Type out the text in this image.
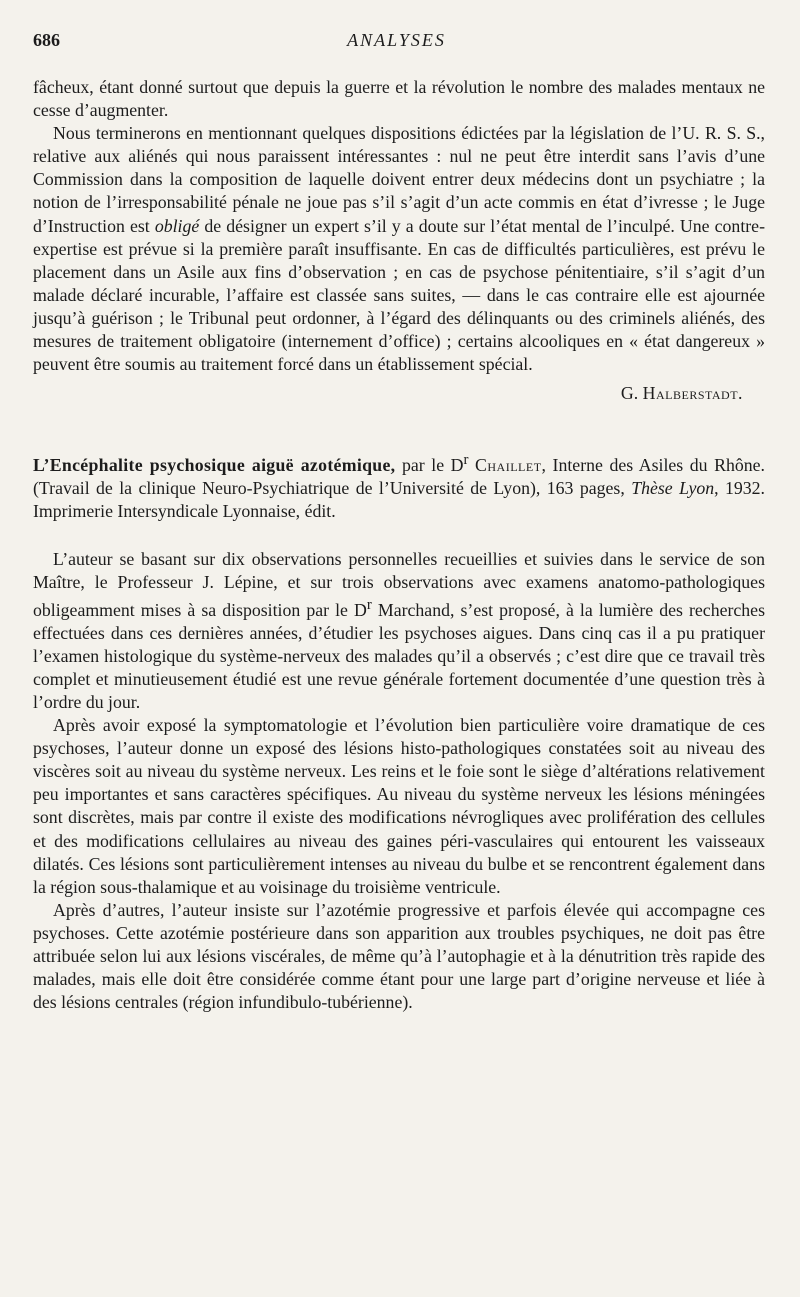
686	ANALYSES

fâcheux, étant donné surtout que depuis la guerre et la révolution le nombre des malades mentaux ne cesse d’augmenter.

Nous terminerons en mentionnant quelques dispositions édictées par la législation de l’U. R. S. S., relative aux aliénés qui nous paraissent intéressantes : nul ne peut être interdit sans l’avis d’une Commission dans la composition de laquelle doivent entrer deux médecins dont un psychiatre ; la notion de l’irresponsabilité pénale ne joue pas s’il s’agit d’un acte commis en état d’ivresse ; le Juge d’Instruction est obligé de désigner un expert s’il y a doute sur l’état mental de l’inculpé. Une contre-expertise est prévue si la première paraît insuffisante. En cas de difficultés particulières, est prévu le placement dans un Asile aux fins d’observation ; en cas de psychose pénitentiaire, s’il s’agit d’un malade déclaré incurable, l’affaire est classée sans suites, — dans le cas contraire elle est ajournée jusqu’à guérison ; le Tribunal peut ordonner, à l’égard des délinquants ou des criminels aliénés, des mesures de traitement obligatoire (internement d’office) ; certains alcooliques en « état dangereux » peuvent être soumis au traitement forcé dans un établissement spécial.

G. Halberstadt.

L’Encéphalite psychosique aiguë azotémique, par le $D^r$ Chaillet, Interne des Asiles du Rhône. (Travail de la clinique Neuro-Psychiatrique de l’Université de Lyon), 163 pages, Thèse Lyon, 1932. Imprimerie Intersyndicale Lyonnaise, édit.

L’auteur se basant sur dix observations personnelles recueillies et suivies dans le service de son Maître, le Professeur J. Lépine, et sur trois observations avec examens anatomo-pathologiques obligeamment mises à sa disposition par le $D^r$ Marchand, s’est proposé, à la lumière des recherches effectuées dans ces dernières années, d’étudier les psychoses aigues. Dans cinq cas il a pu pratiquer l’examen histologique du système-nerveux des malades qu’il a observés ; c’est dire que ce travail très complet et minutieusement étudié est une revue générale fortement documentée d’une question très à l’ordre du jour.

Après avoir exposé la symptomatologie et l’évolution bien particulière voire dramatique de ces psychoses, l’auteur donne un exposé des lésions histo-pathologiques constatées soit au niveau des viscères soit au niveau du système nerveux. Les reins et le foie sont le siège d’altérations relativement peu importantes et sans caractères spécifiques. Au niveau du système nerveux les lésions méningées sont discrètes, mais par contre il existe des modifications névrogliques avec prolifération des cellules et des modifications cellulaires au niveau des gaines péri-vasculaires qui entourent les vaisseaux dilatés. Ces lésions sont particulièrement intenses au niveau du bulbe et se rencontrent également dans la région sous-thalamique et au voisinage du troisième ventricule.

Après d’autres, l’auteur insiste sur l’azotémie progressive et parfois élevée qui accompagne ces psychoses. Cette azotémie postérieure dans son apparition aux troubles psychiques, ne doit pas être attribuée selon lui aux lésions viscérales, de même qu’à l’autophagie et à la dénutrition très rapide des malades, mais elle doit être considérée comme étant pour une large part d’origine nerveuse et liée à des lésions centrales (région infundibulo-tubérienne).
